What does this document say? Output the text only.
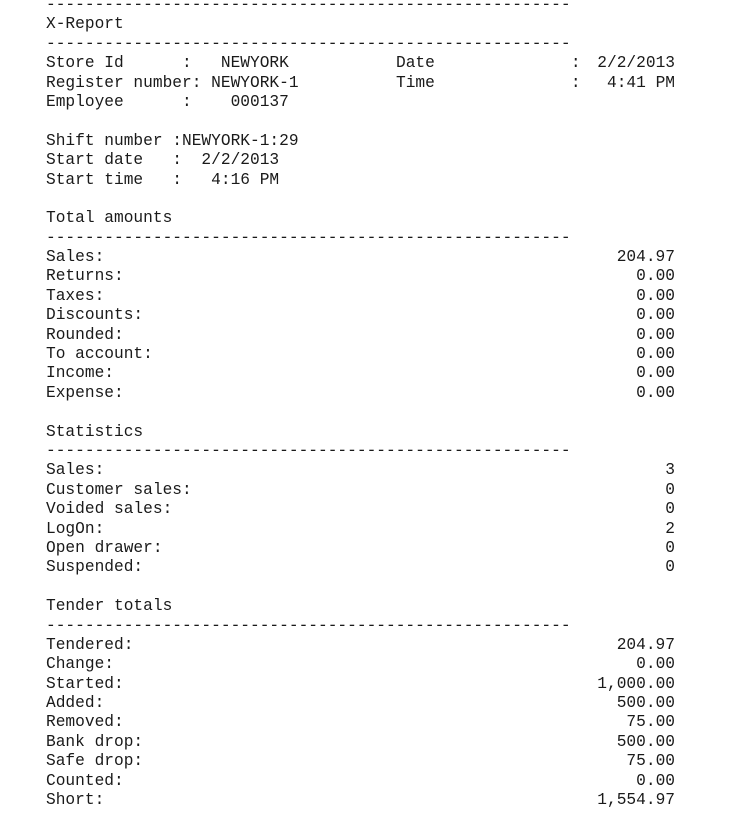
------------------------------------------------------
X-Report
------------------------------------------------------
Store Id      :   NEWYORK	Date	:	2/2/2013
Register number: NEWYORK-1	Time	:	4:41 PM
Employee      :    000137
Shift number :NEWYORK-1:29
Start date   :  2/2/2013
Start time   :   4:16 PM
Total amounts
------------------------------------------------------
Sales:	204.97
Returns:	0.00
Taxes:	0.00
Discounts:	0.00
Rounded:	0.00
To account:	0.00
Income:	0.00
Expense:	0.00
Statistics
------------------------------------------------------
Sales:	3
Customer sales:	0
Voided sales:	0
LogOn:	2
Open drawer:	0
Suspended:	0
Tender totals
------------------------------------------------------
Tendered:	204.97
Change:	0.00
Started:	1,000.00
Added:	500.00
Removed:	75.00
Bank drop:	500.00
Safe drop:	75.00
Counted:	0.00
Short:	1,554.97
